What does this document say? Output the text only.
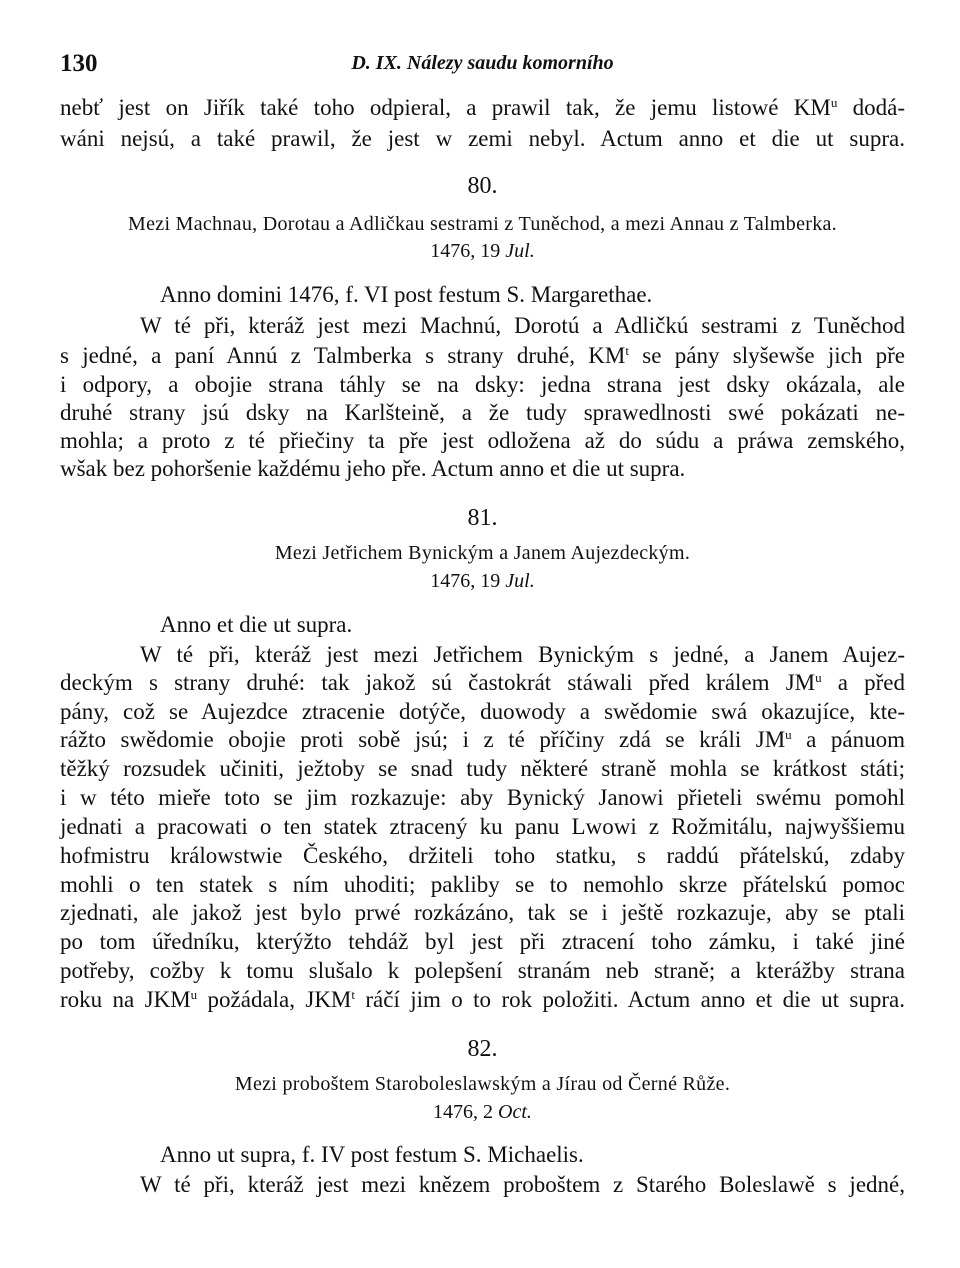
130	D. IX. Nálezy saudu komorního
nebť jest on Jiřík také toho odpieral, a prawil tak, že jemu listowé $KM^u$ dodá-
wáni nejsú, a také prawil, že jest w zemi nebyl. Actum anno et die ut supra.
80.
Mezi Machnau, Dorotau a Adličkau sestrami z Tuněchod, a mezi Annau z Talmberka.
1476, 19 Jul.
Anno domini 1476, f. VI post festum S. Margarethae.
W té při, kteráž jest mezi Machnú, Dorotú a Adličkú sestrami z Tuněchod
s jedné, a paní Annú z Talmberka s strany druhé, $KM^t$ se pány slyšewše jich pře
i odpory, a obojie strana táhly se na dsky: jedna strana jest dsky okázala, ale
druhé strany jsú dsky na Karlšteině, a že tudy sprawedlnosti swé pokázati ne-
mohla; a proto z té přiečiny ta pře jest odložena až do súdu a práwa zemského,
wšak bez pohoršenie každému jeho pře. Actum anno et die ut supra.
81.
Mezi Jetřichem Bynickým a Janem Aujezdeckým.
1476, 19 Jul.
Anno et die ut supra.
W té při, kteráž jest mezi Jetřichem Bynickým s jedné, a Janem Aujez-
deckým s strany druhé: tak jakož sú častokrát stáwali před králem $JM^u$ a před
pány, což se Aujezdce ztracenie dotýče, duowody a swědomie swá okazujíce, kte-
rážto swědomie obojie proti sobě jsú; i z té příčiny zdá se králi $JM^u$ a pánuom
těžký rozsudek učiniti, ježtoby se snad tudy některé straně mohla se krátkost státi;
i w této mieře toto se jim rozkazuje: aby Bynický Janowi přieteli swému pomohl
jednati a pracowati o ten statek ztracený ku panu Lwowi z Rožmitálu, najwyššiemu
hofmistru králowstwie Českého, držiteli toho statku, s raddú přátelskú, zdaby
mohli o ten statek s ním uhoditi; pakliby se to nemohlo skrze přátelskú pomoc
zjednati, ale jakož jest bylo prwé rozkázáno, tak se i ještě rozkazuje, aby se ptali
po tom úředníku, kterýžto tehdáž byl jest při ztracení toho zámku, i také jiné
potřeby, cožby k tomu slušalo k polepšení stranám neb straně; a kterážby strana
roku na JKM$^u$ požádala, JKM$^t$ ráčí jim o to rok položiti. Actum anno et die ut supra.
82.
Mezi proboštem Staroboleslawským a Jírau od Černé Růže.
1476, 2 Oct.
Anno ut supra, f. IV post festum S. Michaelis.
W té při, kteráž jest mezi knězem proboštem z Starého Boleslawě s jedné,
